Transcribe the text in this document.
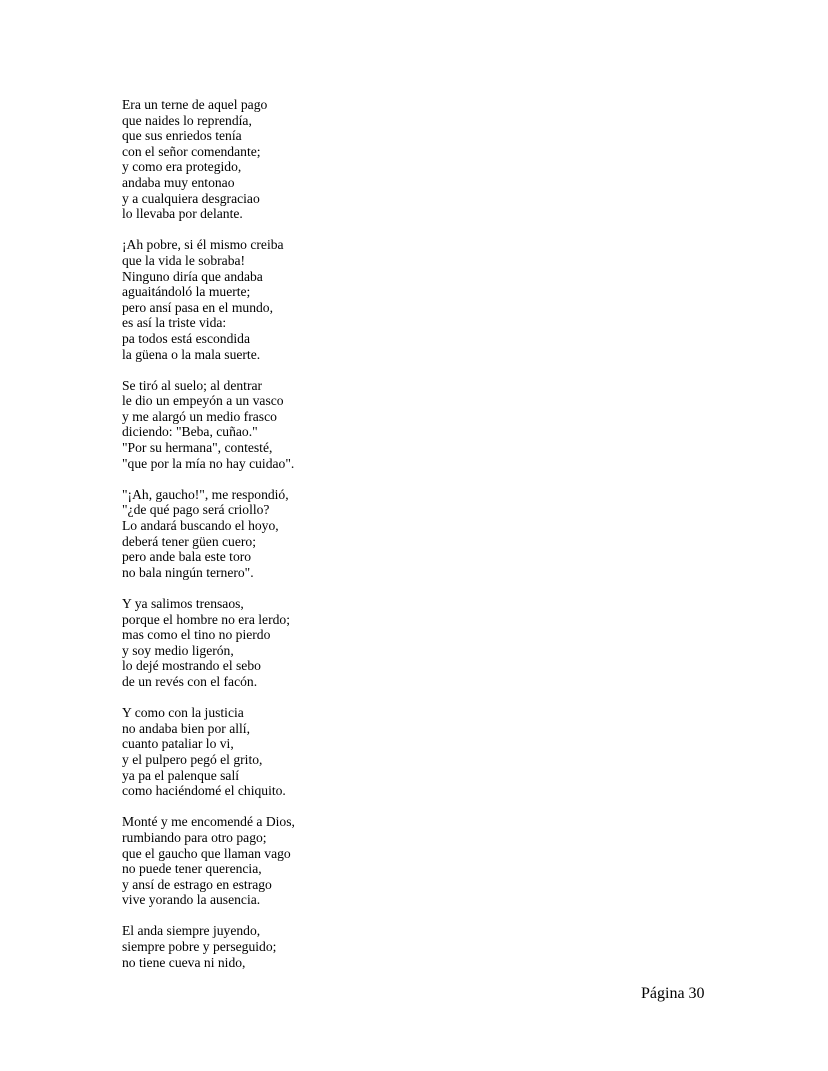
Era un terne de aquel pago
que naides lo reprendía,
que sus enriedos tenía
con el señor comendante;
y como era protegido,
andaba muy entonao
y a cualquiera desgraciao
lo llevaba por delante.
¡Ah pobre, si él mismo creiba
que la vida le sobraba!
Ninguno diría que andaba
aguaitándoló la muerte;
pero ansí pasa en el mundo,
es así la triste vida:
pa todos está escondida
la güena o la mala suerte.
Se tiró al suelo; al dentrar
le dio un empeyón a un vasco
y me alargó un medio frasco
diciendo: "Beba, cuñao."
"Por su hermana", contesté,
"que por la mía no hay cuidao".
"¡Ah, gaucho!", me respondió,
"¿de qué pago será criollo?
Lo andará buscando el hoyo,
deberá tener güen cuero;
pero ande bala este toro
no bala ningún ternero".
Y ya salimos trensaos,
porque el hombre no era lerdo;
mas como el tino no pierdo
y soy medio ligerón,
lo dejé mostrando el sebo
de un revés con el facón.
Y como con la justicia
no andaba bien por allí,
cuanto pataliar lo vi,
y el pulpero pegó el grito,
ya pa el palenque salí
como haciéndomé el chiquito.
Monté y me encomendé a Dios,
rumbiando para otro pago;
que el gaucho que llaman vago
no puede tener querencia,
y ansí de estrago en estrago
vive yorando la ausencia.
El anda siempre juyendo,
siempre pobre y perseguido;
no tiene cueva ni nido,
Página 30
